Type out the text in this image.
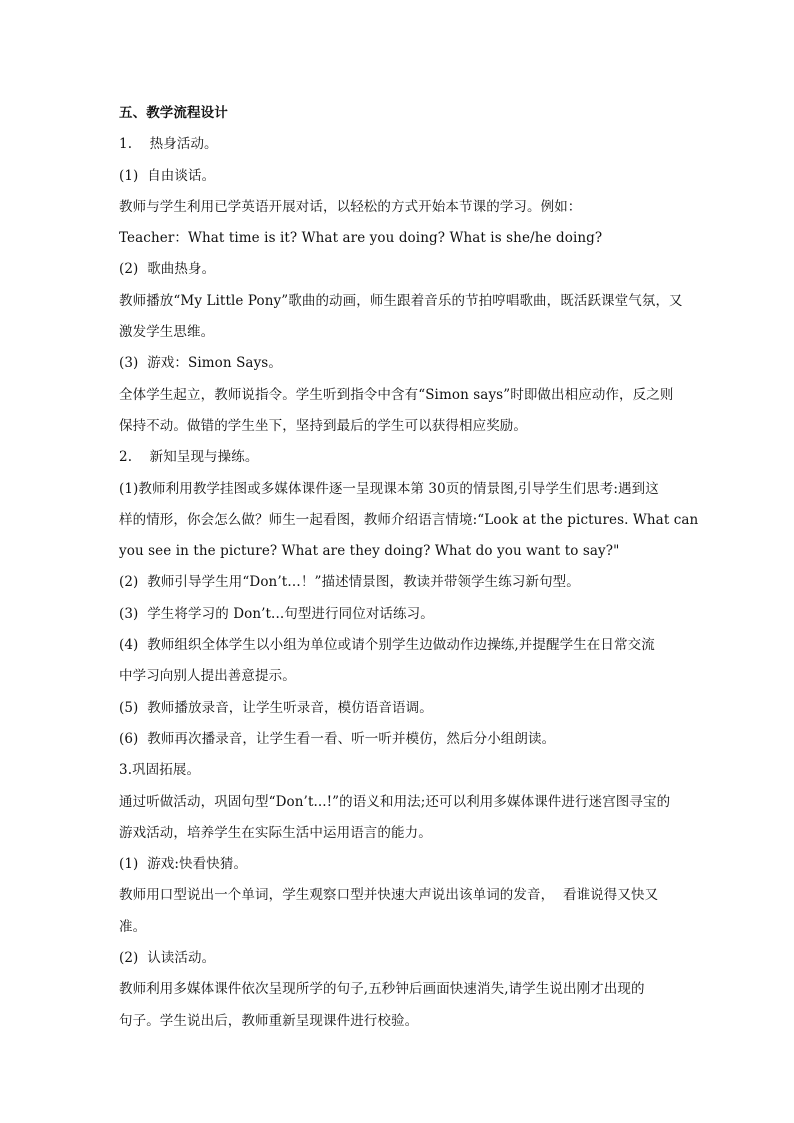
五、教学流程设计
1.    热身活动。
(1)  自由谈话。
教师与学生利用已学英语开展对话，以轻松的方式开始本节课的学习。例如：
Teacher：What time is it? What are you doing? What is she/he doing?
(2)  歌曲热身。
教师播放“My Little Pony”歌曲的动画，师生跟着音乐的节拍哼唱歌曲，既活跃课堂气氛，又
激发学生思维。
(3)  游戏：Simon Says。
全体学生起立，教师说指令。学生听到指令中含有“Simon says”时即做出相应动作，反之则
保持不动。做错的学生坐下，坚持到最后的学生可以获得相应奖励。
2.    新知呈现与操练。
(1)教师利用教学挂图或多媒体课件逐一呈现课本第 30页的情景图,引导学生们思考:遇到这
样的情形，你会怎么做？师生一起看图，教师介绍语言情境:“Look at the pictures. What can
you see in the picture? What are they doing? What do you want to say?"
(2)  教师引导学生用“Don’t…！”描述情景图，教读并带领学生练习新句型。
(3)  学生将学习的 Don’t...句型进行同位对话练习。
(4)  教师组织全体学生以小组为单位或请个别学生边做动作边操练,并提醒学生在日常交流
中学习向别人提出善意提示。
(5)  教师播放录音，让学生听录音，模仿语音语调。
(6)  教师再次播录音，让学生看一看、听一听并模仿，然后分小组朗读。
3.巩固拓展。
通过听做活动，巩固句型“Don’t...!”的语义和用法;还可以利用多媒体课件进行迷宫图寻宝的
游戏活动，培养学生在实际生活中运用语言的能力。
(1)  游戏:快看快猜。
教师用口型说出一个单词，学生观察口型并快速大声说出该单词的发音，  看谁说得又快又
准。
(2)  认读活动。
教师利用多媒体课件依次呈现所学的句子,五秒钟后画面快速消失,请学生说出刚才出现的
句子。学生说出后，教师重新呈现课件进行校验。
